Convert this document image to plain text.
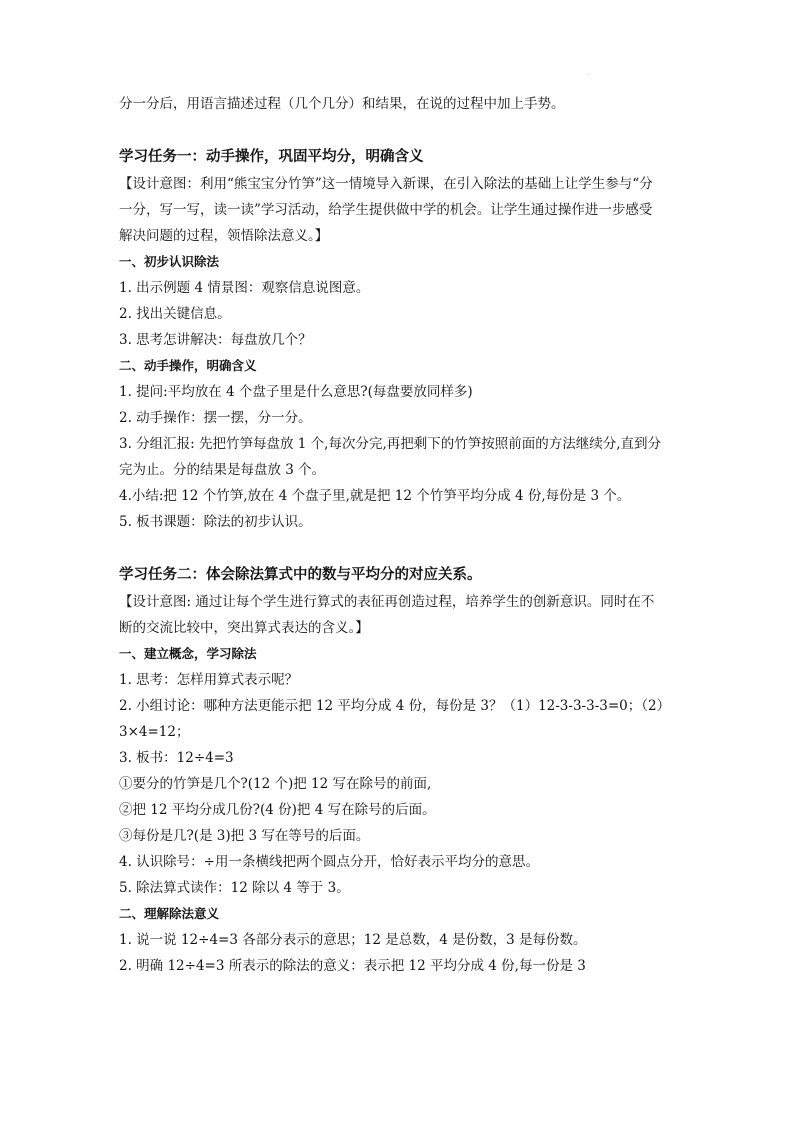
.
分一分后，用语言描述过程（几个几分）和结果，在说的过程中加上手势。
学习任务一：动手操作，巩固平均分，明确含义
【设计意图：利用“熊宝宝分竹笋”这一情境导入新课，在引入除法的基础上让学生参与“分
一分，写一写，读一读”学习活动，给学生提供做中学的机会。让学生通过操作进一步感受
解决问题的过程，领悟除法意义。】
一、初步认识除法
1. 出示例题 4 情景图：观察信息说图意。
2. 找出关键信息。
3. 思考怎讲解决：每盘放几个？
二、动手操作，明确含义
1. 提问:平均放在 4 个盘子里是什么意思?(每盘要放同样多)
2. 动手操作：摆一摆，分一分。
3. 分组汇报: 先把竹笋每盘放 1 个,每次分完,再把剩下的竹笋按照前面的方法继续分,直到分
完为止。分的结果是每盘放 3 个。
4.小结:把 12 个竹笋,放在 4 个盘子里,就是把 12 个竹笋平均分成 4 份,每份是 3 个。
5. 板书课题：除法的初步认识。
学习任务二：体会除法算式中的数与平均分的对应关系。
【设计意图: 通过让每个学生进行算式的表征再创造过程，培养学生的创新意识。同时在不
断的交流比较中，突出算式表达的含义。】
一、建立概念，学习除法
1. 思考：怎样用算式表示呢？
2. 小组讨论：哪种方法更能示把 12 平均分成 4 份，每份是 3？（1）12-3-3-3-3=0；（2）
3×4=12；
3. 板书：12÷4=3
①要分的竹笋是几个?(12 个)把 12 写在除号的前面,
②把 12 平均分成几份?(4 份)把 4 写在除号的后面。
③每份是几?(是 3)把 3 写在等号的后面。
4. 认识除号：÷用一条横线把两个圆点分开，恰好表示平均分的意思。
5. 除法算式读作：12 除以 4 等于 3。
二、理解除法意义
1. 说一说 12÷4=3 各部分表示的意思；12 是总数，4 是份数，3 是每份数。
2. 明确 12÷4=3 所表示的除法的意义：表示把 12 平均分成 4 份,每一份是 3
